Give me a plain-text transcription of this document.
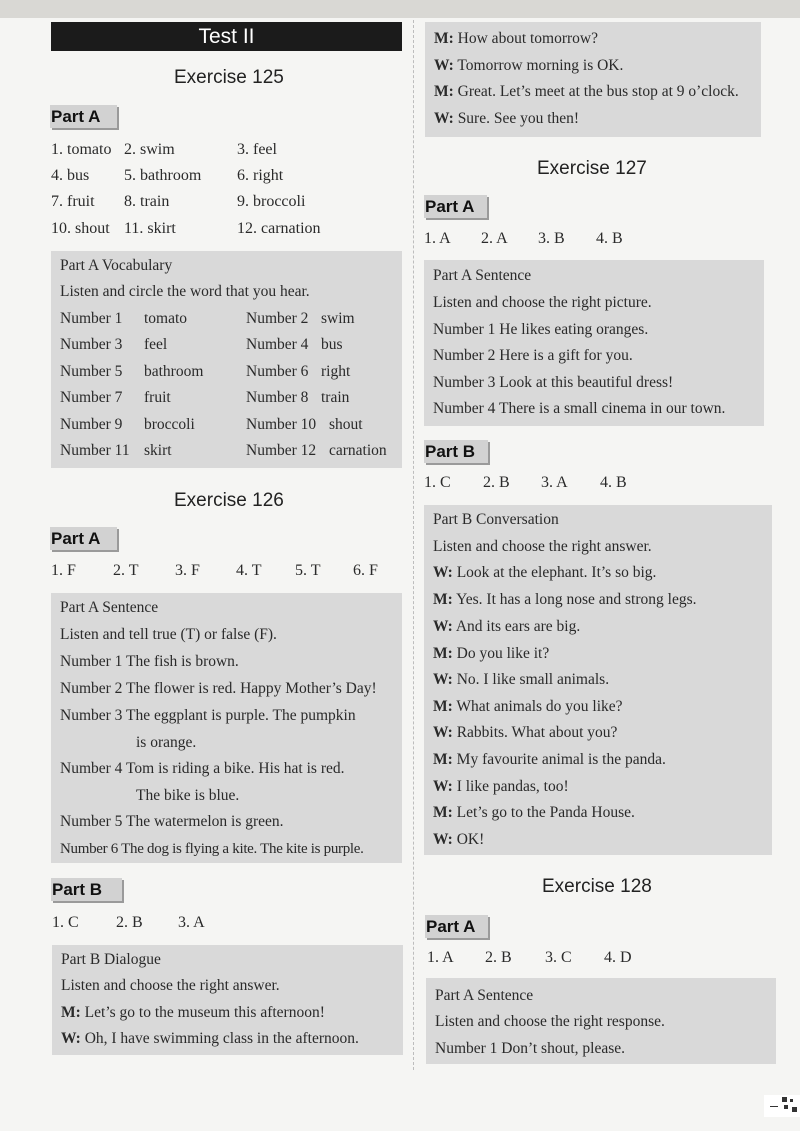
Test II
Exercise 125
Part A
1. tomato 2. swim	3. feel
4. bus 5. bathroom 6. right
7. fruit 8. train	9. broccoli
10. shout 11. skirt	12. carnation
Part A Vocabulary
Listen and circle the word that you hear.
Number 1 tomato	Number 2 swim
Number 3 feel	Number 4 bus
Number 5 bathroom	Number 6 right
Number 7 fruit	Number 8 train
Number 9 broccoli	Number 10 shout
Number 11 skirt	Number 12 carnation
Exercise 126
Part A
1. F 2. T 3. F 4. T 5. T 6. F
Part A Sentence
Listen and tell true (T) or false (F).
Number 1 The fish is brown.
Number 2 The flower is red. Happy Mother’s Day!
Number 3 The eggplant is purple. The pumpkin
is orange.
Number 4 Tom is riding a bike. His hat is red.
The bike is blue.
Number 5 The watermelon is green.
Number 6 The dog is flying a kite. The kite is purple.
Part B
1. C 2. B 3. A
Part B Dialogue
Listen and choose the right answer.
M: Let’s go to the museum this afternoon!
W: Oh, I have swimming class in the afternoon.
M: How about tomorrow?
W: Tomorrow morning is OK.
M: Great. Let’s meet at the bus stop at 9 o’clock.
W: Sure. See you then!
Exercise 127
Part A
1. A 2. A 3. B 4. B
Part A Sentence
Listen and choose the right picture.
Number 1 He likes eating oranges.
Number 2 Here is a gift for you.
Number 3 Look at this beautiful dress!
Number 4 There is a small cinema in our town.
Part B
1. C 2. B 3. A 4. B
Part B Conversation
Listen and choose the right answer.
W: Look at the elephant. It’s so big.
M: Yes. It has a long nose and strong legs.
W: And its ears are big.
M: Do you like it?
W: No. I like small animals.
M: What animals do you like?
W: Rabbits. What about you?
M: My favourite animal is the panda.
W: I like pandas, too!
M: Let’s go to the Panda House.
W: OK!
Exercise 128
Part A
1. A 2. B 3. C 4. D
Part A Sentence
Listen and choose the right response.
Number 1 Don’t shout, please.
